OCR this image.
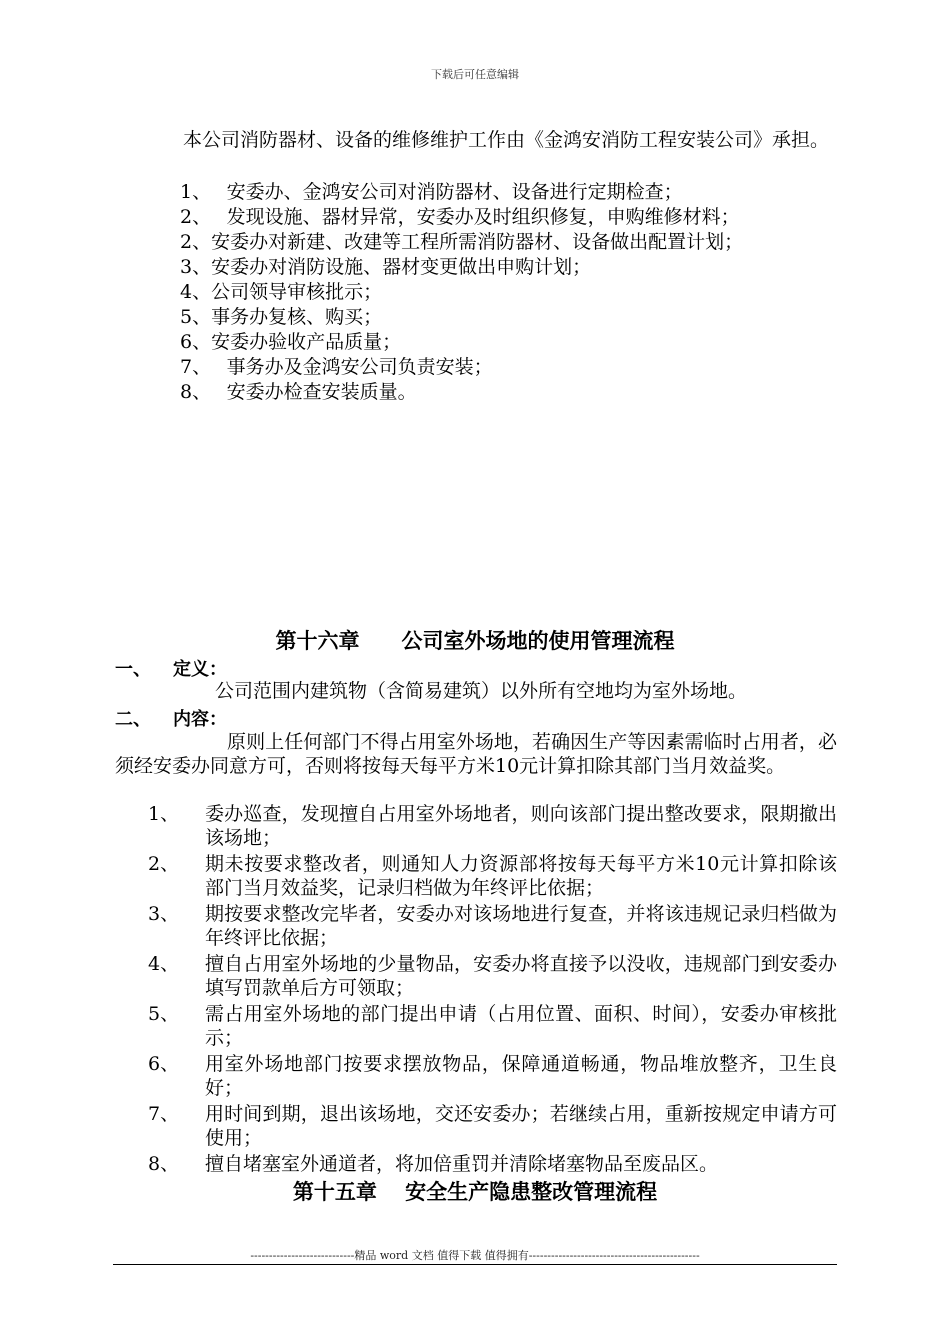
下载后可任意编辑
本公司消防器材、设备的维修维护工作由《金鸿安消防工程安装公司》承担。
1、　 安委办、金鸿安公司对消防器材、设备进行定期检查；
2、　 发现设施、器材异常，安委办及时组织修复，申购维修材料；
2、安委办对新建、改建等工程所需消防器材、设备做出配置计划；
3、安委办对消防设施、器材变更做出申购计划；
4、公司领导审核批示；
5、事务办复核、购买；
6、安委办验收产品质量；
7、　 事务办及金鸿安公司负责安装；
8、　 安委办检查安装质量。
第十六章　　公司室外场地的使用管理流程
一、 定义：
公司范围内建筑物（含简易建筑）以外所有空地均为室外场地。
二、 内容：
原则上任何部门不得占用室外场地，若确因生产等因素需临时占用者，必须经安委办同意方可，否则将按每天每平方米10元计算扣除其部门当月效益奖。
1、 委办巡查，发现擅自占用室外场地者，则向该部门提出整改要求，限期撤出该场地；
2、 期未按要求整改者，则通知人力资源部将按每天每平方米10元计算扣除该部门当月效益奖，记录归档做为年终评比依据；
3、 期按要求整改完毕者，安委办对该场地进行复查，并将该违规记录归档做为年终评比依据；
4、 擅自占用室外场地的少量物品，安委办将直接予以没收，违规部门到安委办填写罚款单后方可领取；
5、 需占用室外场地的部门提出申请（占用位置、面积、时间），安委办审核批示；
6、 用室外场地部门按要求摆放物品，保障通道畅通，物品堆放整齐，卫生良好；
7、 用时间到期，退出该场地，交还安委办；若继续占用，重新按规定申请方可使用；
8、 擅自堵塞室外通道者，将加倍重罚并清除堵塞物品至废品区。
第十五章　 安全生产隐患整改管理流程
----------------------------精品 word 文档 值得下载 值得拥有----------------------------------------------
